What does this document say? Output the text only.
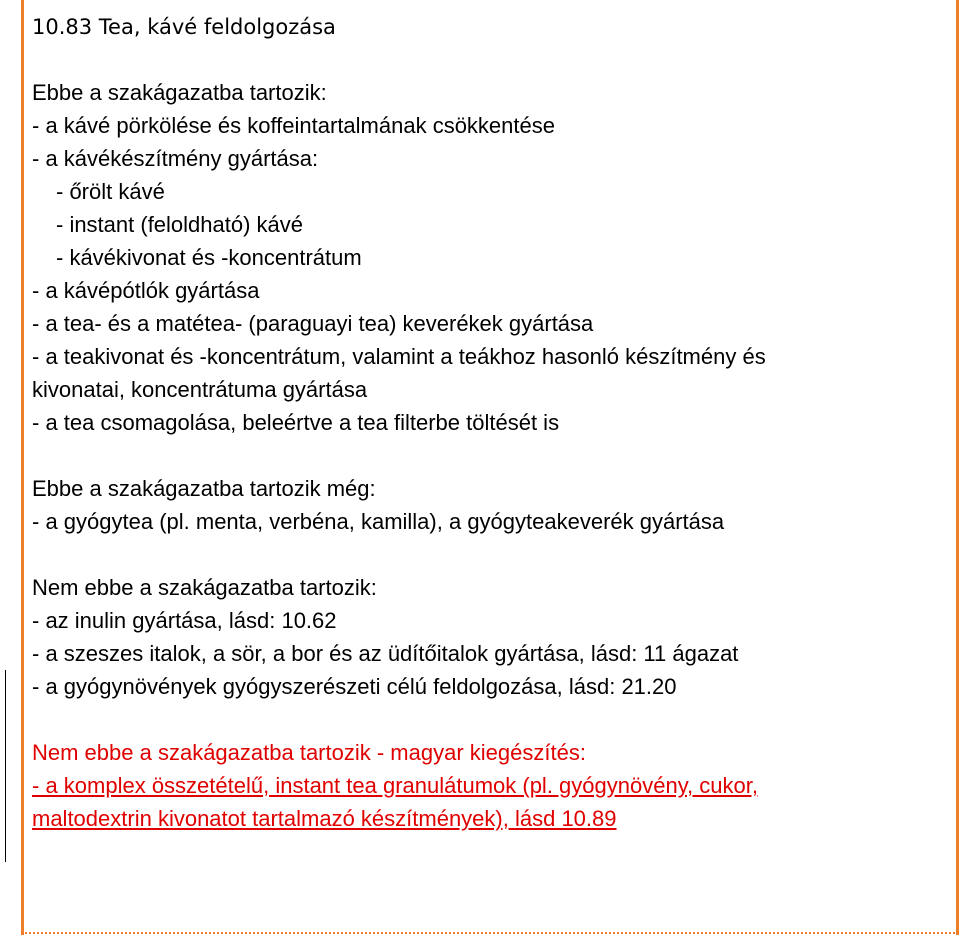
10.83 Tea, kávé feldolgozása
Ebbe a szakágazatba tartozik:
- a kávé pörkölése és koffeintartalmának csökkentése
- a kávékészítmény gyártása:
- őrölt kávé
- instant (feloldható) kávé
- kávékivonat és -koncentrátum
- a kávépótlók gyártása
- a tea- és a matétea- (paraguayi tea) keverékek gyártása
- a teakivonat és -koncentrátum, valamint a teákhoz hasonló készítmény és
kivonatai, koncentrátuma gyártása
- a tea csomagolása, beleértve a tea filterbe töltését is
Ebbe a szakágazatba tartozik még:
- a gyógytea (pl. menta, verbéna, kamilla), a gyógyteakeverék gyártása
Nem ebbe a szakágazatba tartozik:
- az inulin gyártása, lásd: 10.62
- a szeszes italok, a sör, a bor és az üdítőitalok gyártása, lásd: 11 ágazat
- a gyógynövények gyógyszerészeti célú feldolgozása, lásd: 21.20
Nem ebbe a szakágazatba tartozik - magyar kiegészítés:
- a komplex összetételű, instant tea granulátumok (pl. gyógynövény, cukor,
maltodextrin kivonatot tartalmazó készítmények), lásd 10.89
